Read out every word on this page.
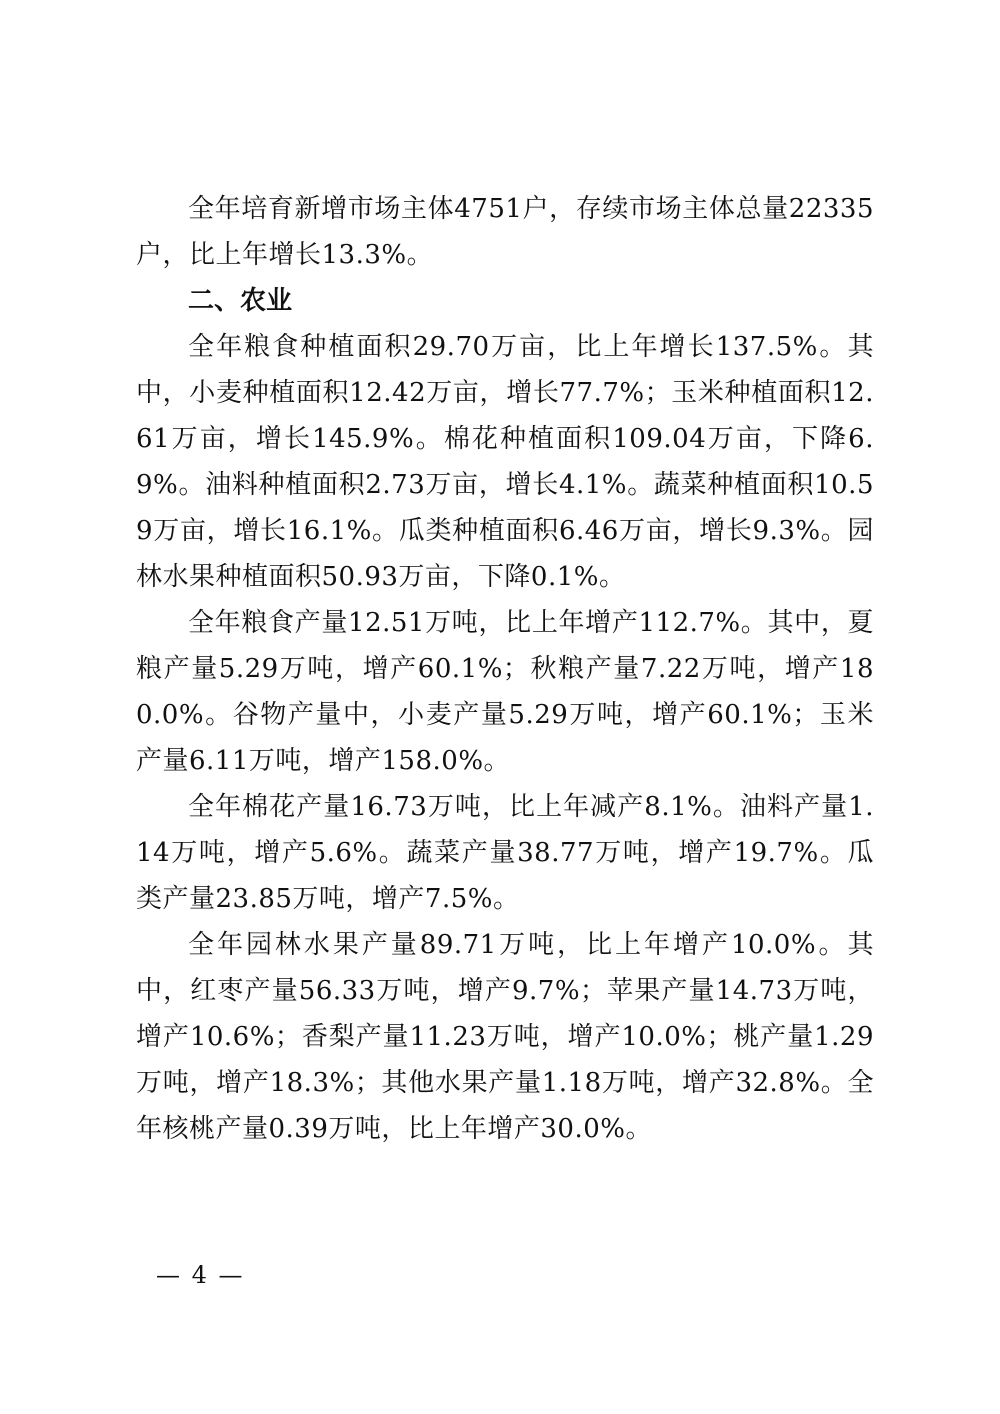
全年培育新增市场主体4751户，存续市场主体总量22335户，比上年增长13.3%。

二、农业

全年粮食种植面积29.70万亩，比上年增长137.5%。其中，小麦种植面积12.42万亩，增长77.7%；玉米种植面积12.61万亩，增长145.9%。棉花种植面积109.04万亩，下降6.9%。油料种植面积2.73万亩，增长4.1%。蔬菜种植面积10.59万亩，增长16.1%。瓜类种植面积6.46万亩，增长9.3%。园林水果种植面积50.93万亩，下降0.1%。

全年粮食产量12.51万吨，比上年增产112.7%。其中，夏粮产量5.29万吨，增产60.1%；秋粮产量7.22万吨，增产180.0%。谷物产量中，小麦产量5.29万吨，增产60.1%；玉米产量6.11万吨，增产158.0%。

全年棉花产量16.73万吨，比上年减产8.1%。油料产量1.14万吨，增产5.6%。蔬菜产量38.77万吨，增产19.7%。瓜类产量23.85万吨，增产7.5%。

全年园林水果产量89.71万吨，比上年增产10.0%。其中，红枣产量56.33万吨，增产9.7%；苹果产量14.73万吨，增产10.6%；香梨产量11.23万吨，增产10.0%；桃产量1.29万吨，增产18.3%；其他水果产量1.18万吨，增产32.8%。全年核桃产量0.39万吨，比上年增产30.0%。

— 4 —
